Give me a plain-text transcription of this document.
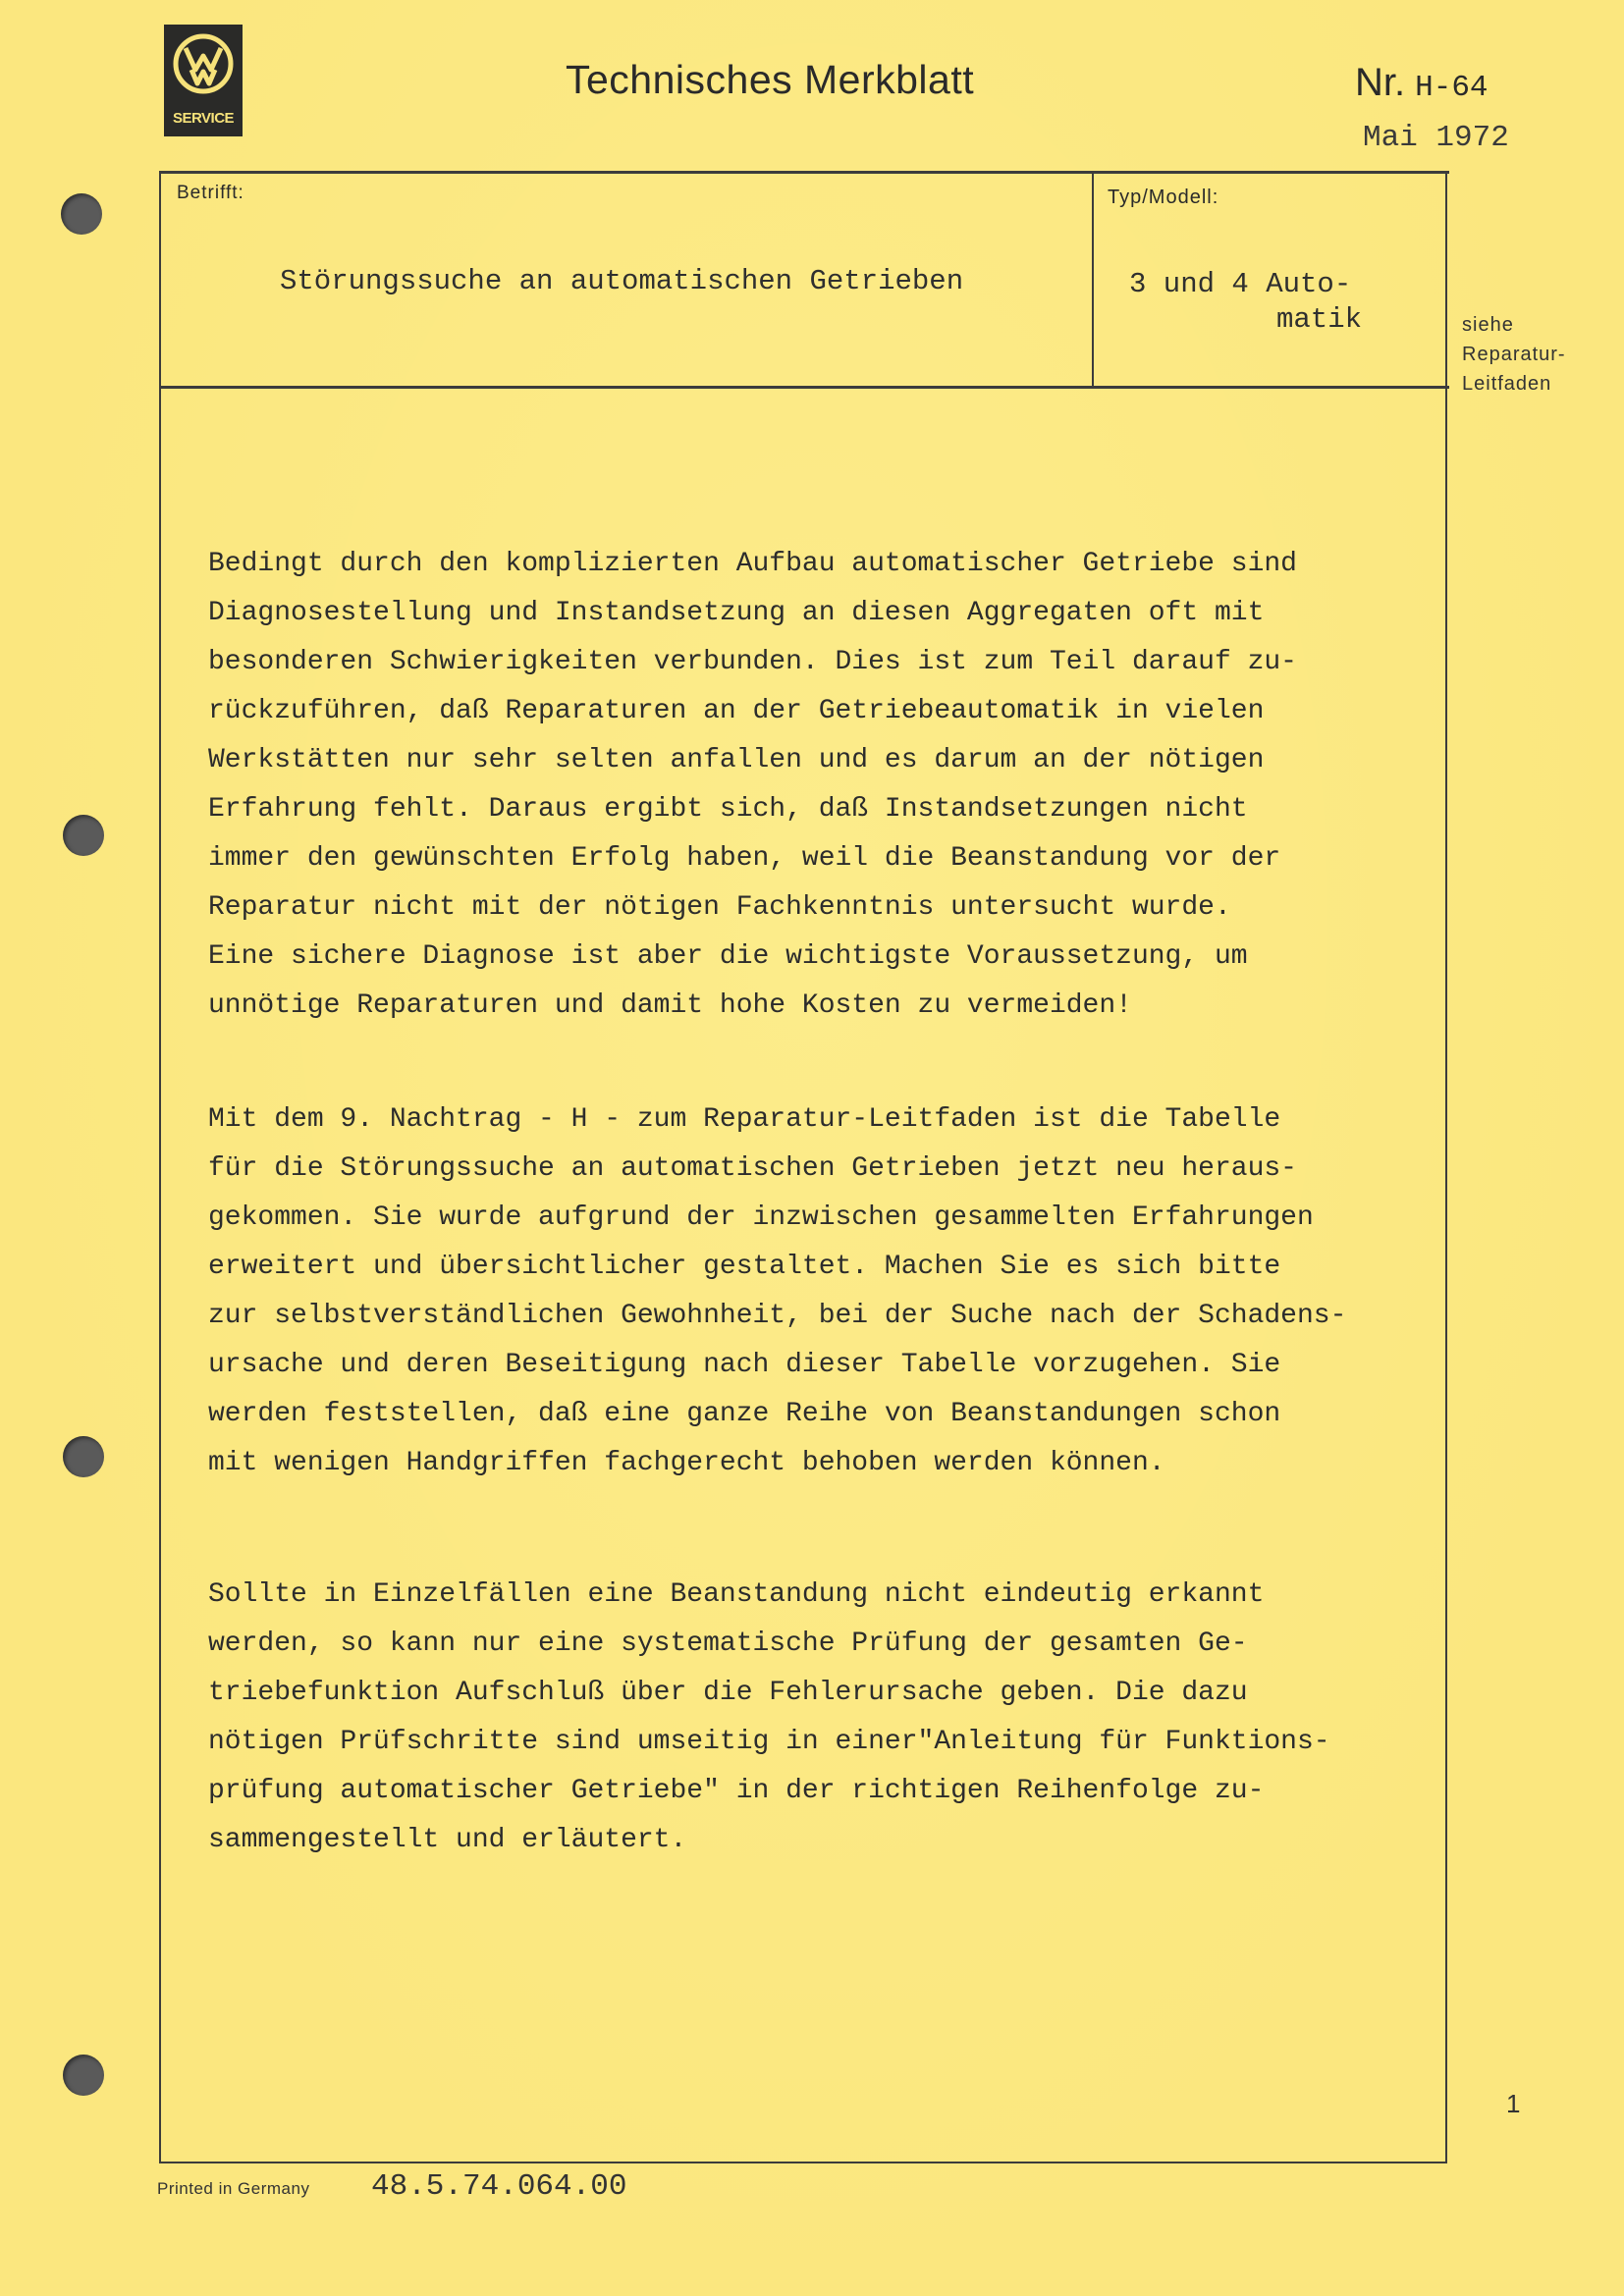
SERVICE
Technisches Merkblatt	Nr. H-64
Mai 1972
Betrifft:	Typ/Modell:
Störungssuche an automatischen Getrieben	3 und 4 Auto-
matik	siehe
Reparatur-
Leitfaden
Bedingt durch den komplizierten Aufbau automatischer Getriebe sind
Diagnosestellung und Instandsetzung an diesen Aggregaten oft mit
besonderen Schwierigkeiten verbunden. Dies ist zum Teil darauf zu-
rückzuführen, daß Reparaturen an der Getriebeautomatik in vielen
Werkstätten nur sehr selten anfallen und es darum an der nötigen
Erfahrung fehlt. Daraus ergibt sich, daß Instandsetzungen nicht
immer den gewünschten Erfolg haben, weil die Beanstandung vor der
Reparatur nicht mit der nötigen Fachkenntnis untersucht wurde.
Eine sichere Diagnose ist aber die wichtigste Voraussetzung, um
unnötige Reparaturen und damit hohe Kosten zu vermeiden!
Mit dem 9. Nachtrag - H - zum Reparatur-Leitfaden ist die Tabelle
für die Störungssuche an automatischen Getrieben jetzt neu heraus-
gekommen. Sie wurde aufgrund der inzwischen gesammelten Erfahrungen
erweitert und übersichtlicher gestaltet. Machen Sie es sich bitte
zur selbstverständlichen Gewohnheit, bei der Suche nach der Schadens-
ursache und deren Beseitigung nach dieser Tabelle vorzugehen. Sie
werden feststellen, daß eine ganze Reihe von Beanstandungen schon
mit wenigen Handgriffen fachgerecht behoben werden können.
Sollte in Einzelfällen eine Beanstandung nicht eindeutig erkannt
werden, so kann nur eine systematische Prüfung der gesamten Ge-
triebefunktion Aufschluß über die Fehlerursache geben. Die dazu
nötigen Prüfschritte sind umseitig in einer"Anleitung für Funktions-
prüfung automatischer Getriebe" in der richtigen Reihenfolge zu-
sammengestellt und erläutert.
1
Printed in Germany 48.5.74.064.00
